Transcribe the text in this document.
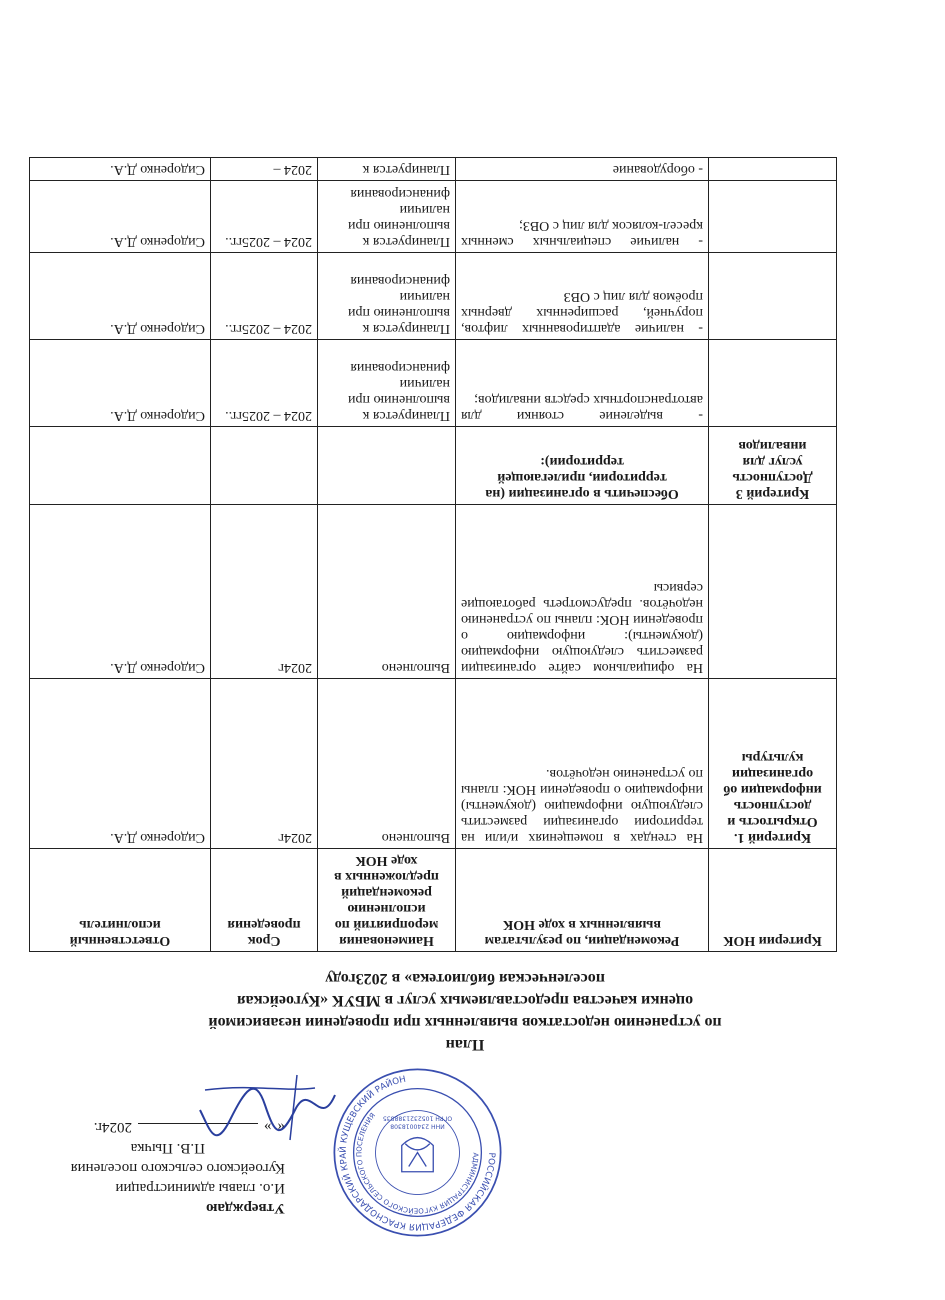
Утверждаю
И.о. главы администрации
Кугоейского сельского поселения
П.В. Пычка
«
»
2024г.
РОССИЙСКАЯ ФЕДЕРАЦИЯ КРАСНОДАРСКИЙ КРАЙ КУЩЕВСКИЙ РАЙОН
АДМИНИСТРАЦИЯ КУГОЕЙСКОГО СЕЛЬСКОГО ПОСЕЛЕНИЯ
ИНН 2340018308
ОГРН 1052321388835
План
по устранению недостатков выявленных при проведении независимой
оценки качества предоставляемых услуг в МБУК «Кугоейская
поселенческая библиотека» в 2023году
Критерии НОК	Рекомендации, по результатам выявленных в ходе НОК	Наименования мероприятий по исполнению рекомендаций предложенных в ходе НОК	Срок проведения	Ответственный исполнитель
Критерий 1. Открытость и доступность информации об организации культуры	На стендах в помещениях и/или на территории организации разместить следующую информацию (документы) информацию о проведении НОК: планы по устранению недочётов.	Выполнено	2024г	Сидоренко Д.А.
	На официальном сайте организации разместить следующую информацию (документы): информацию о проведении НОК: планы по устранению недочётов. предусмотреть работающие сервисы	Выполнено	2024г	Сидоренко Д.А.
Критерий 3 Доступность услуг для инвалидов	Обеспечить в организации (на территории, прилегающей территории):			
	- выделение стоянки для автотранспортных средств инвалидов;	Планируется к выполнению при наличии финансирования	2024 – 2025гг..	Сидоренко Д.А.
	- наличие адаптированных лифтов, поручней, расширенных дверных проёмов для лиц с ОВЗ	Планируется к выполнению при наличии финансирования	2024 – 2025гг..	Сидоренко Д.А.
	- наличие специальных сменных кресел-колясок для лиц с ОВЗ;	Планируется к выполнению при наличии финансирования	2024 – 2025гг..	Сидоренко Д.А.
	- оборудование	Планируется к	2024 –	Сидоренко Д.А.
